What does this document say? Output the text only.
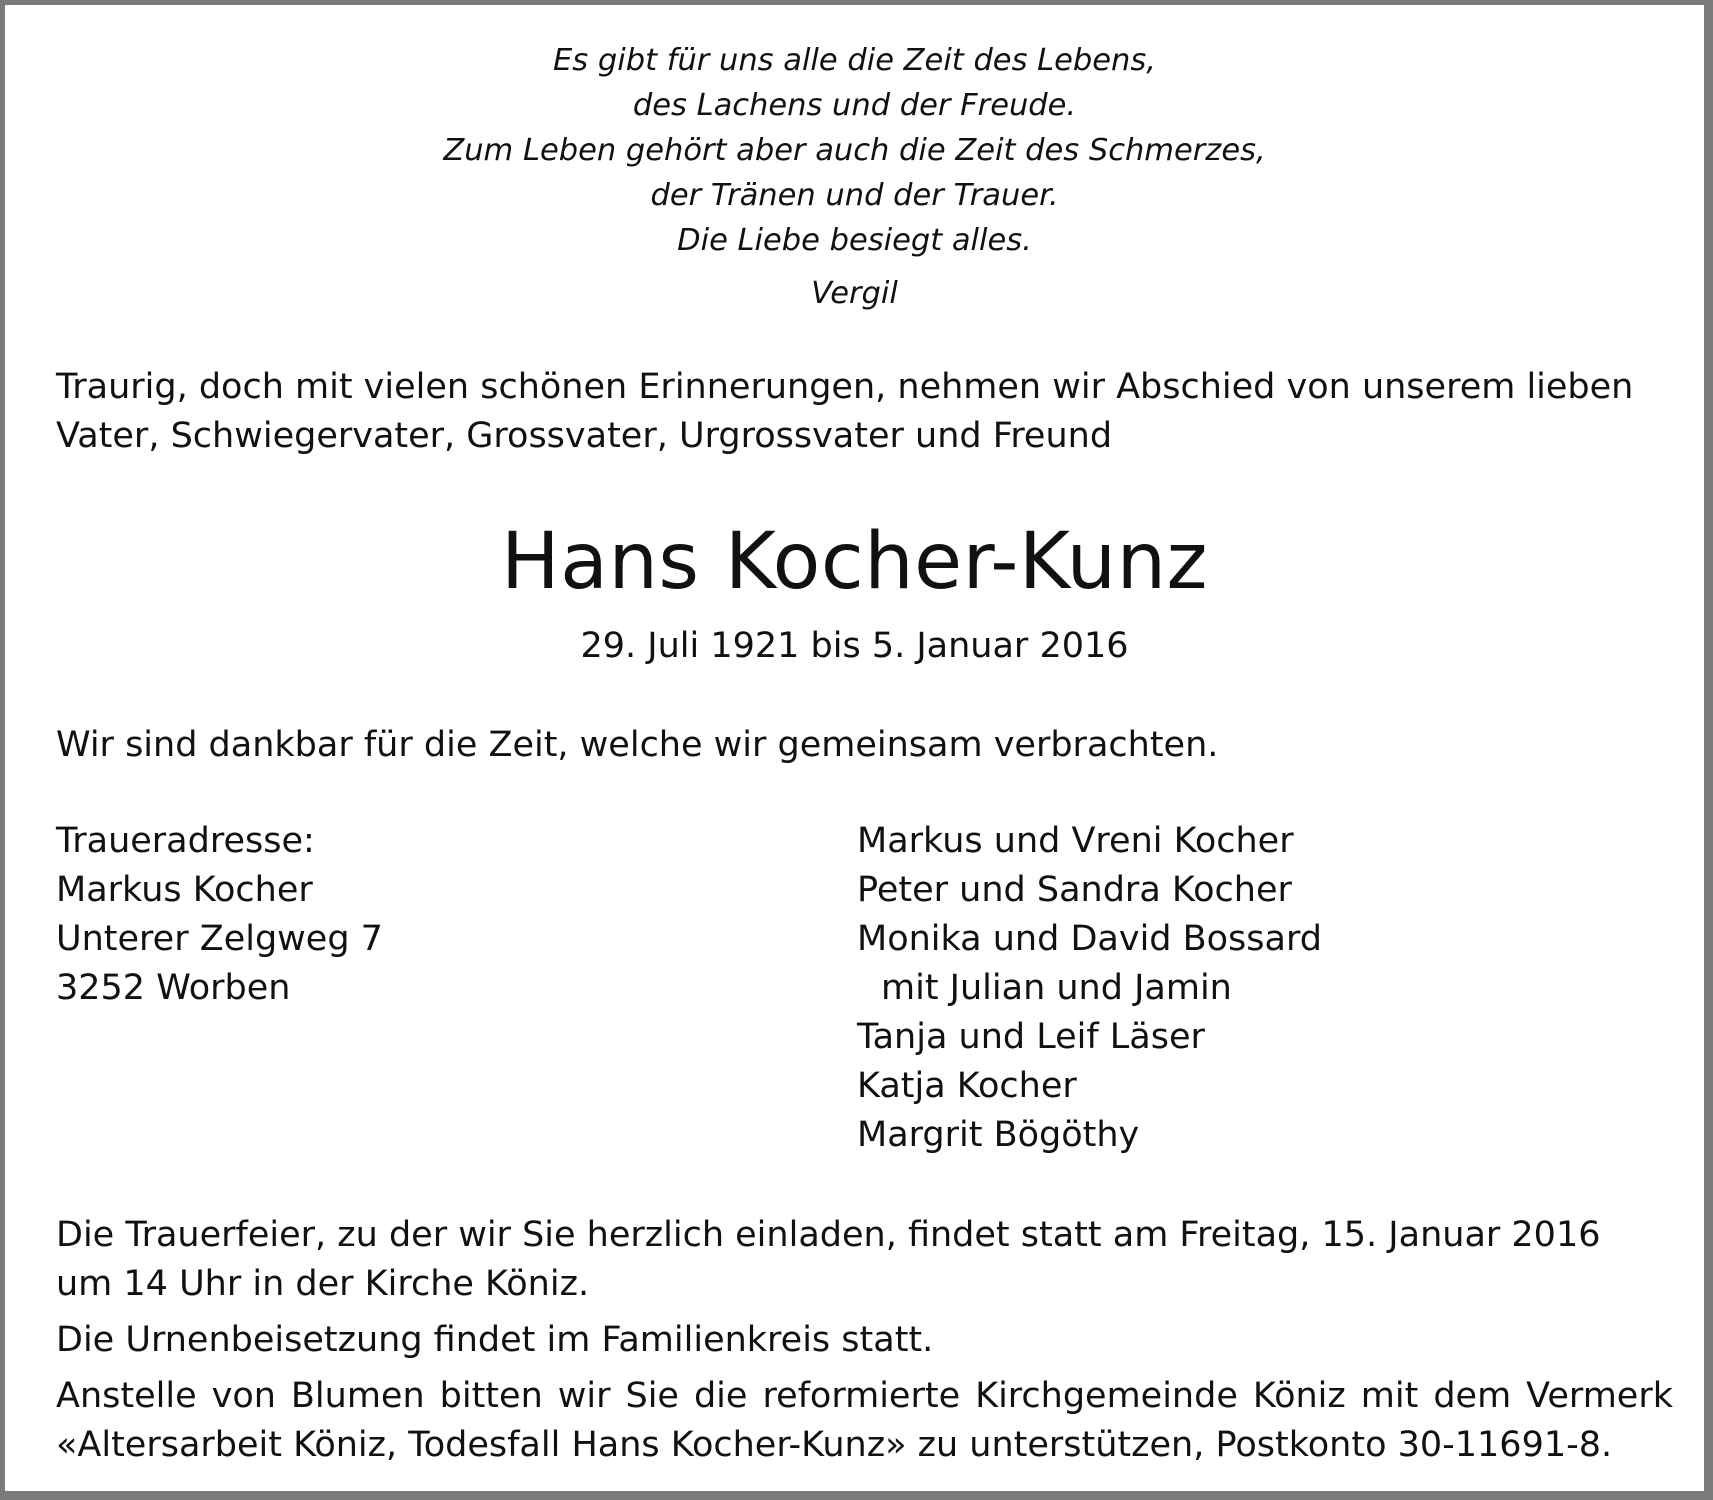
Es gibt für uns alle die Zeit des Lebens,
des Lachens und der Freude.
Zum Leben gehört aber auch die Zeit des Schmerzes,
der Tränen und der Trauer.
Die Liebe besiegt alles.
Vergil
Traurig, doch mit vielen schönen Erinnerungen, nehmen wir Abschied von unserem lieben
Vater, Schwiegervater, Grossvater, Urgrossvater und Freund
Hans Kocher-Kunz
29. Juli 1921 bis 5. Januar 2016
Wir sind dankbar für die Zeit, welche wir gemeinsam verbrachten.
Traueradresse:
Markus Kocher
Unterer Zelgweg 7
3252 Worben
Markus und Vreni Kocher
Peter und Sandra Kocher
Monika und David Bossard
mit Julian und Jamin
Tanja und Leif Läser
Katja Kocher
Margrit Bögöthy

Die Trauerfeier, zu der wir Sie herzlich einladen, findet statt am Freitag, 15. Januar 2016
um 14 Uhr in der Kirche Köniz.

Die Urnenbeisetzung findet im Familienkreis statt.

Anstelle von Blumen bitten wir Sie die reformierte Kirchgemeinde Köniz mit dem Vermerk
«Altersarbeit Köniz, Todesfall Hans Kocher-Kunz» zu unterstützen, Postkonto 30-11691-8.
